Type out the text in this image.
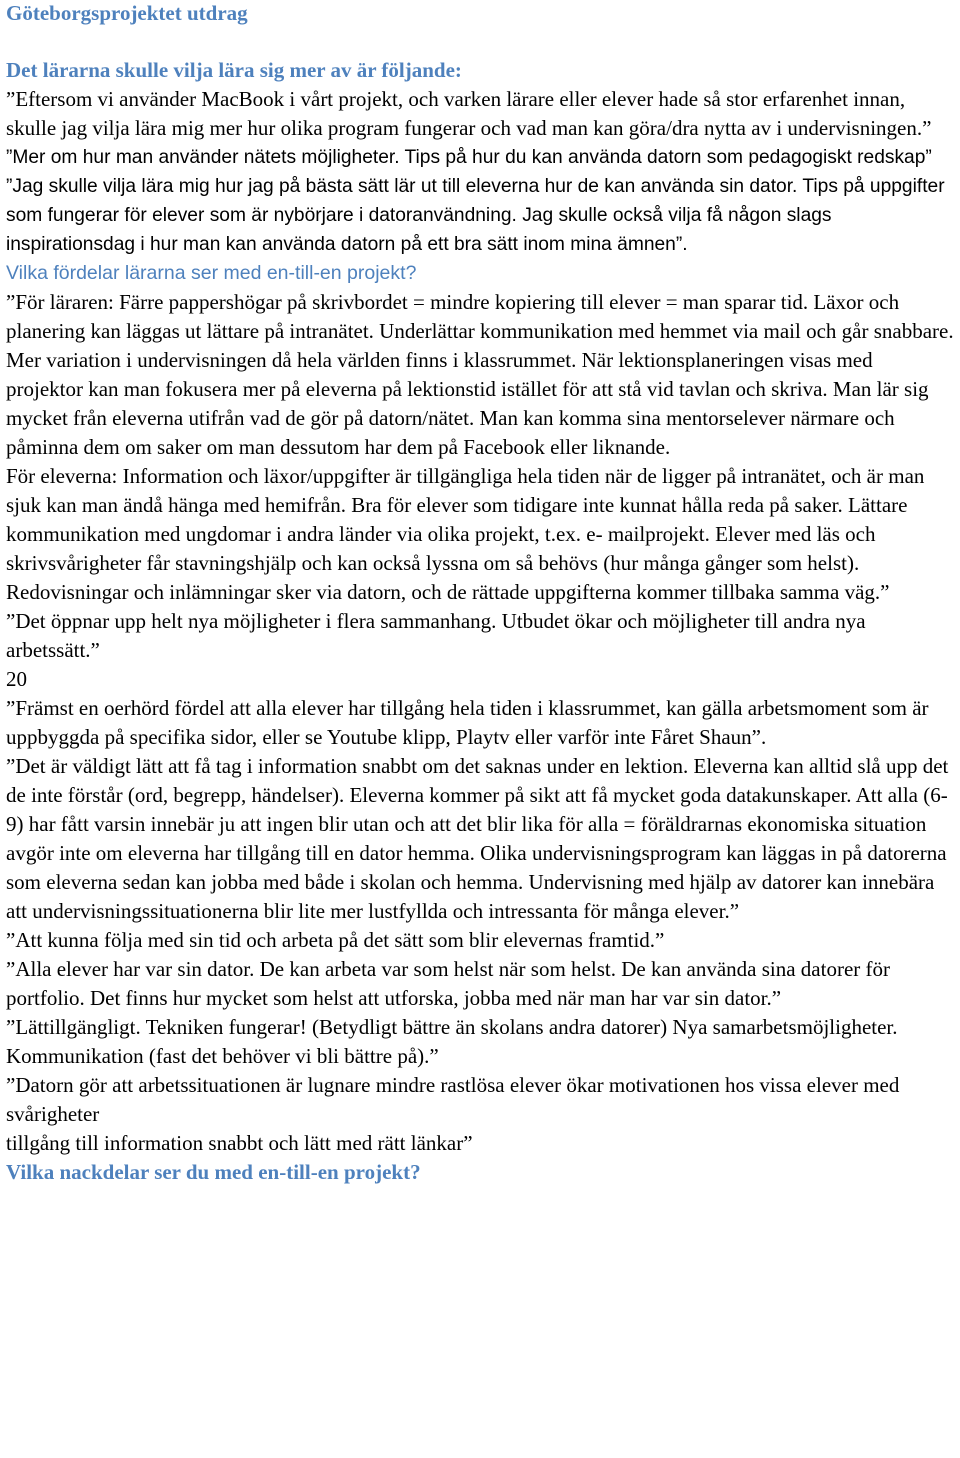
Göteborgsprojektet utdrag
Det lärarna skulle vilja lära sig mer av är följande:

”Eftersom vi använder MacBook i vårt projekt, och varken lärare eller elever hade så stor erfarenhet innan, skulle jag vilja lära mig mer hur olika program fungerar och vad man kan göra/dra nytta av i undervisningen.”

”Mer om hur man använder nätets möjligheter. Tips på hur du kan använda datorn som pedagogiskt redskap”

”Jag skulle vilja lära mig hur jag på bästa sätt lär ut till eleverna hur de kan använda sin dator. Tips på uppgifter som fungerar för elever som är nybörjare i datoranvändning. Jag skulle också vilja få någon slags inspirationsdag i hur man kan använda datorn på ett bra sätt inom mina ämnen”.

Vilka fördelar lärarna ser med en-till-en projekt?

”För läraren: Färre pappershögar på skrivbordet = mindre kopiering till elever = man sparar tid. Läxor och planering kan läggas ut lättare på intranätet. Underlättar kommunikation med hemmet via mail och går snabbare. Mer variation i undervisningen då hela världen finns i klassrummet. När lektionsplaneringen visas med projektor kan man fokusera mer på eleverna på lektionstid istället för att stå vid tavlan och skriva. Man lär sig mycket från eleverna utifrån vad de gör på datorn/nätet. Man kan komma sina mentorselever närmare och påminna dem om saker om man dessutom har dem på Facebook eller liknande.

För eleverna: Information och läxor/uppgifter är tillgängliga hela tiden när de ligger på intranätet, och är man sjuk kan man ändå hänga med hemifrån. Bra för elever som tidigare inte kunnat hålla reda på saker. Lättare kommunikation med ungdomar i andra länder via olika projekt, t.ex. e- mailprojekt. Elever med läs och skrivsvårigheter får stavningshjälp och kan också lyssna om så behövs (hur många gånger som helst). Redovisningar och inlämningar sker via datorn, och de rättade uppgifterna kommer tillbaka samma väg.”

”Det öppnar upp helt nya möjligheter i flera sammanhang. Utbudet ökar och möjligheter till andra nya arbetssätt.”

20

”Främst en oerhörd fördel att alla elever har tillgång hela tiden i klassrummet, kan gälla arbetsmoment som är uppbyggda på specifika sidor, eller se Youtube klipp, Playtv eller varför inte Fåret Shaun”.

”Det är väldigt lätt att få tag i information snabbt om det saknas under en lektion. Eleverna kan alltid slå upp det de inte förstår (ord, begrepp, händelser). Eleverna kommer på sikt att få mycket goda datakunskaper. Att alla (6-9) har fått varsin innebär ju att ingen blir utan och att det blir lika för alla = föräldrarnas ekonomiska situation avgör inte om eleverna har tillgång till en dator hemma. Olika undervisningsprogram kan läggas in på datorerna som eleverna sedan kan jobba med både i skolan och hemma. Undervisning med hjälp av datorer kan innebära att undervisningssituationerna blir lite mer lustfyllda och intressanta för många elever.”

”Att kunna följa med sin tid och arbeta på det sätt som blir elevernas framtid.”

”Alla elever har var sin dator. De kan arbeta var som helst när som helst. De kan använda sina datorer för portfolio. Det finns hur mycket som helst att utforska, jobba med när man har var sin dator.”

”Lättillgängligt. Tekniken fungerar! (Betydligt bättre än skolans andra datorer) Nya samarbetsmöjligheter. Kommunikation (fast det behöver vi bli bättre på).”

”Datorn gör att arbetssituationen är lugnare mindre rastlösa elever ökar motivationen hos vissa elever med svårigheter

tillgång till information snabbt och lätt med rätt länkar”

Vilka nackdelar ser du med en-till-en projekt?
